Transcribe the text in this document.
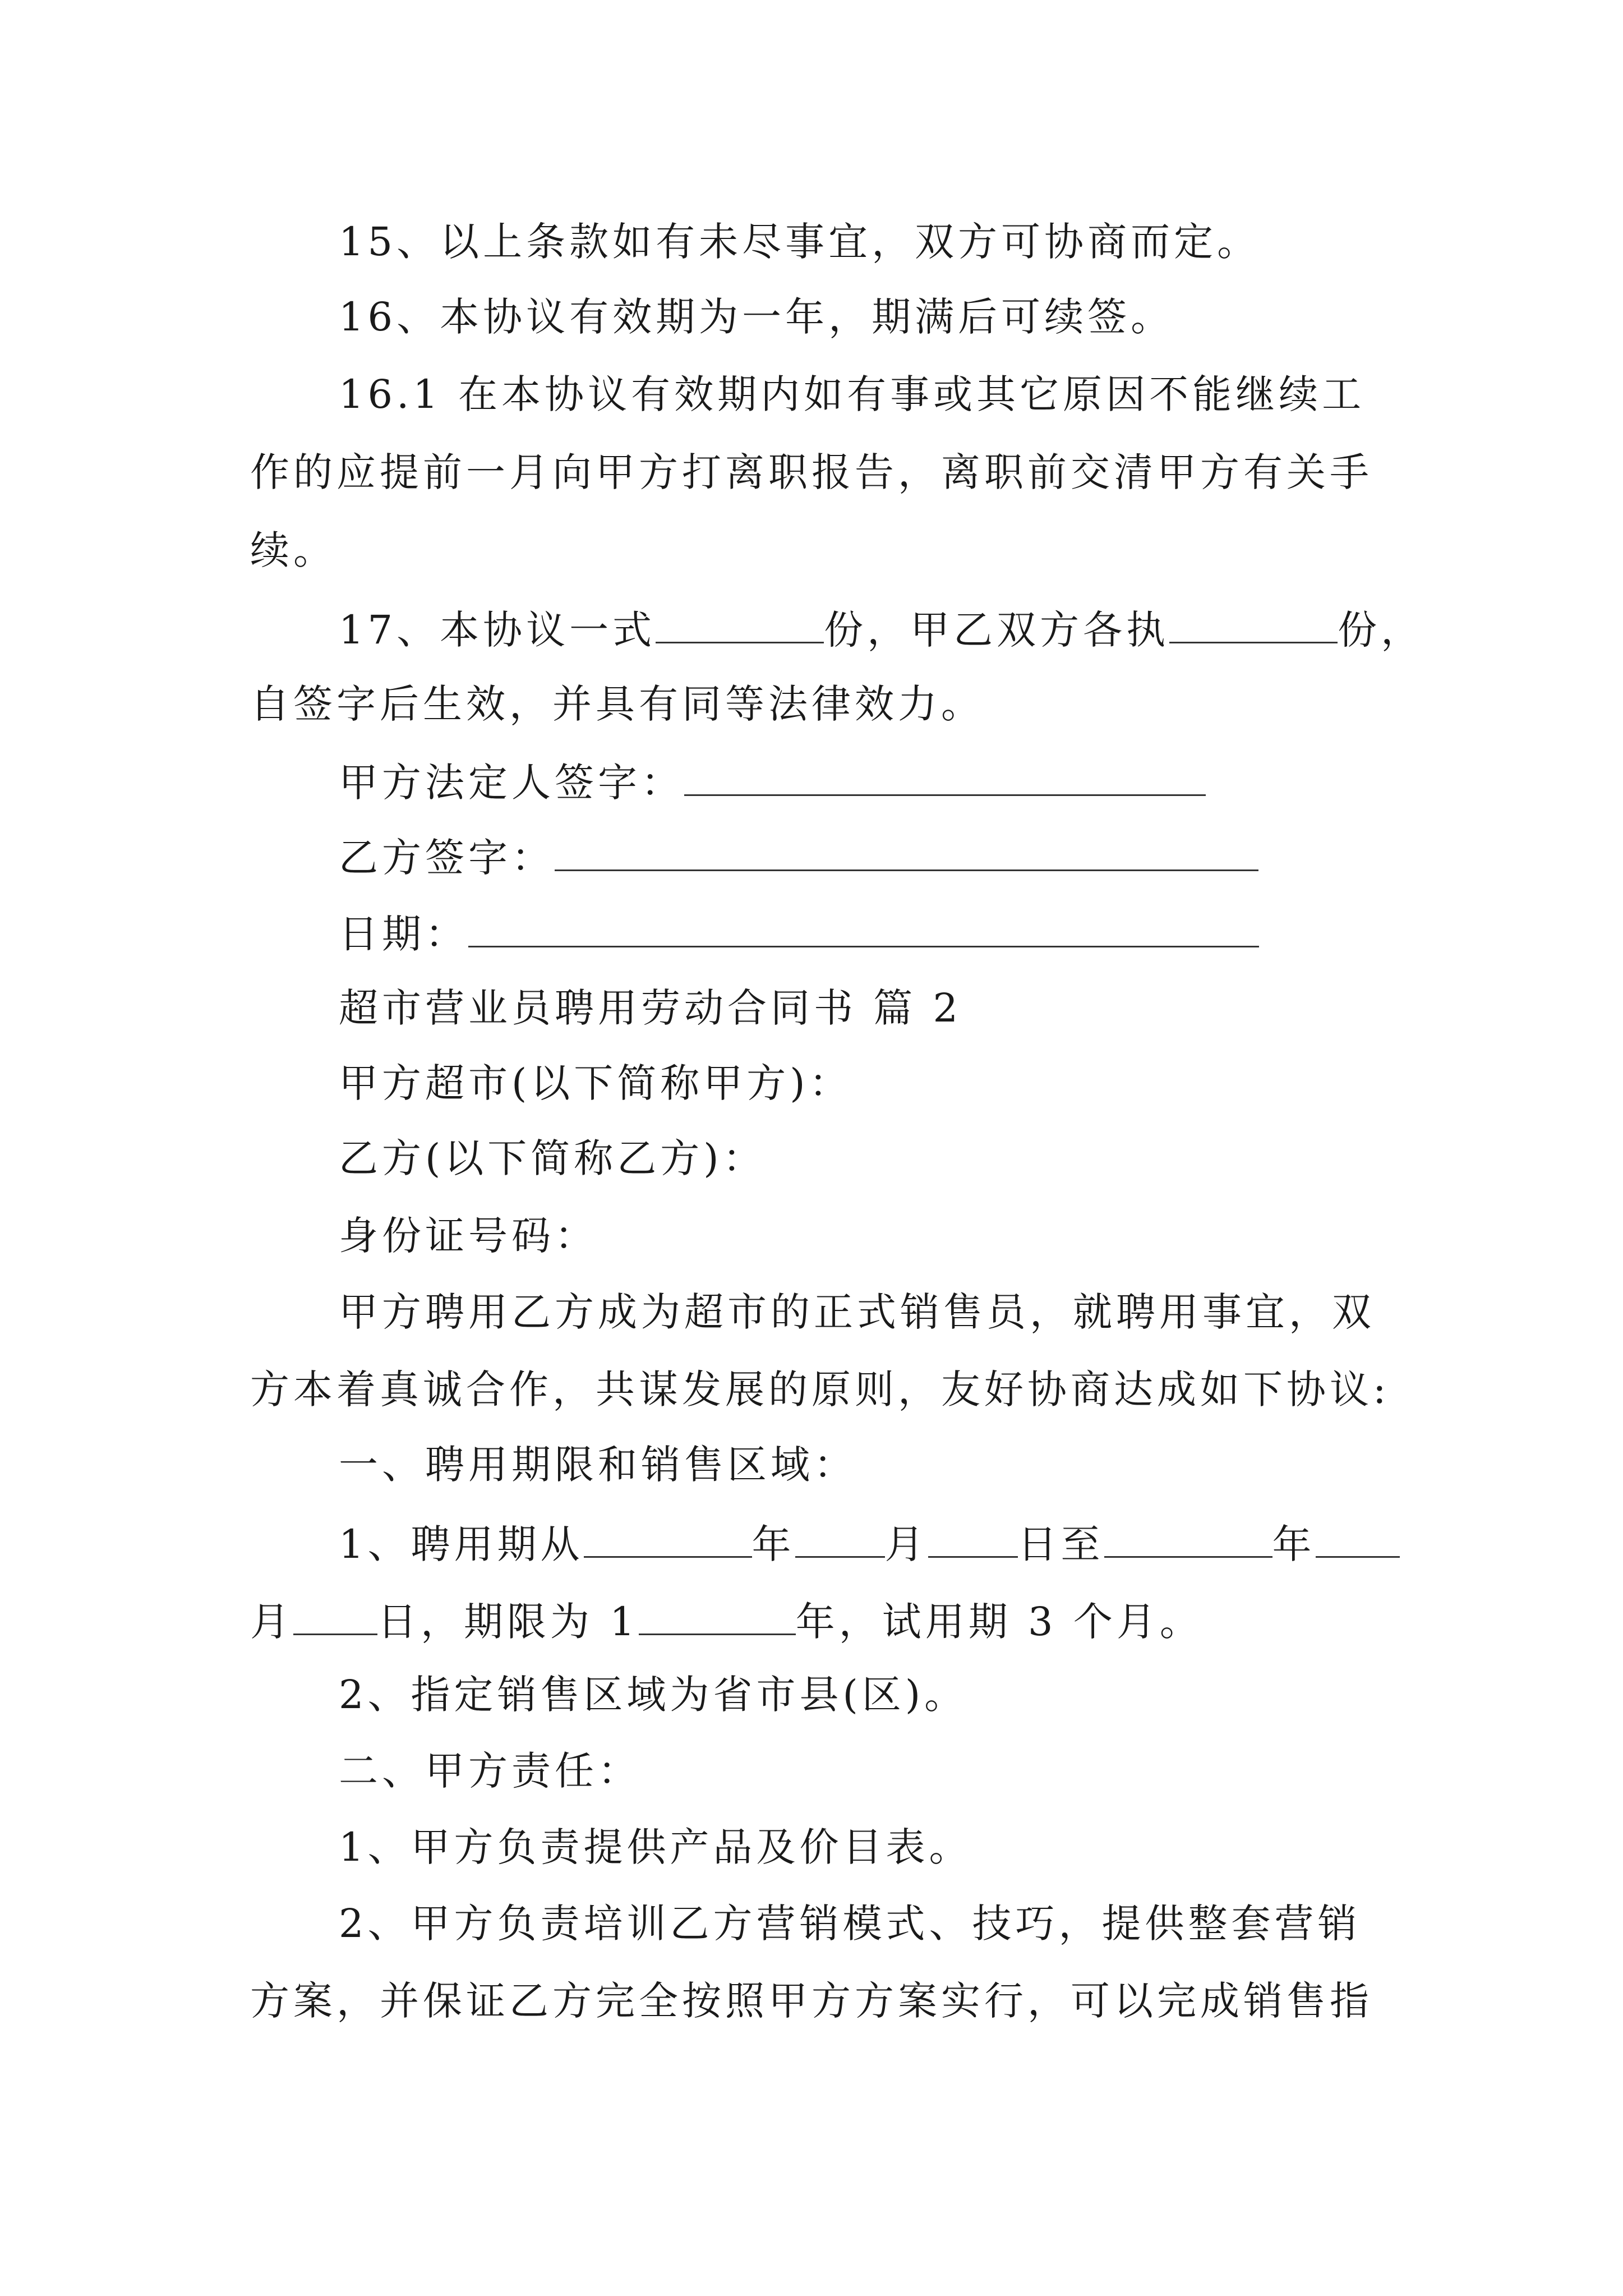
15、以上条款如有未尽事宜，双方可协商而定。
16、本协议有效期为一年，期满后可续签。
16.1 在本协议有效期内如有事或其它原因不能继续工
作的应提前一月向甲方打离职报告，离职前交清甲方有关手
续。
17、本协议一式	份，甲乙双方各执	份，
自签字后生效，并具有同等法律效力。
甲方法定人签字：
乙方签字：
日期：
超市营业员聘用劳动合同书 篇 2
甲方超市(以下简称甲方)：
乙方(以下简称乙方)：
身份证号码：
甲方聘用乙方成为超市的正式销售员，就聘用事宜，双
方本着真诚合作，共谋发展的原则，友好协商达成如下协议:
一、聘用期限和销售区域：
1、聘用期从	年 月 日至	年
月 日，期限为 1	年，试用期 3 个月。
2、指定销售区域为省市县(区)。
二、甲方责任：
1、甲方负责提供产品及价目表。
2、甲方负责培训乙方营销模式、技巧，提供整套营销
方案，并保证乙方完全按照甲方方案实行，可以完成销售指
